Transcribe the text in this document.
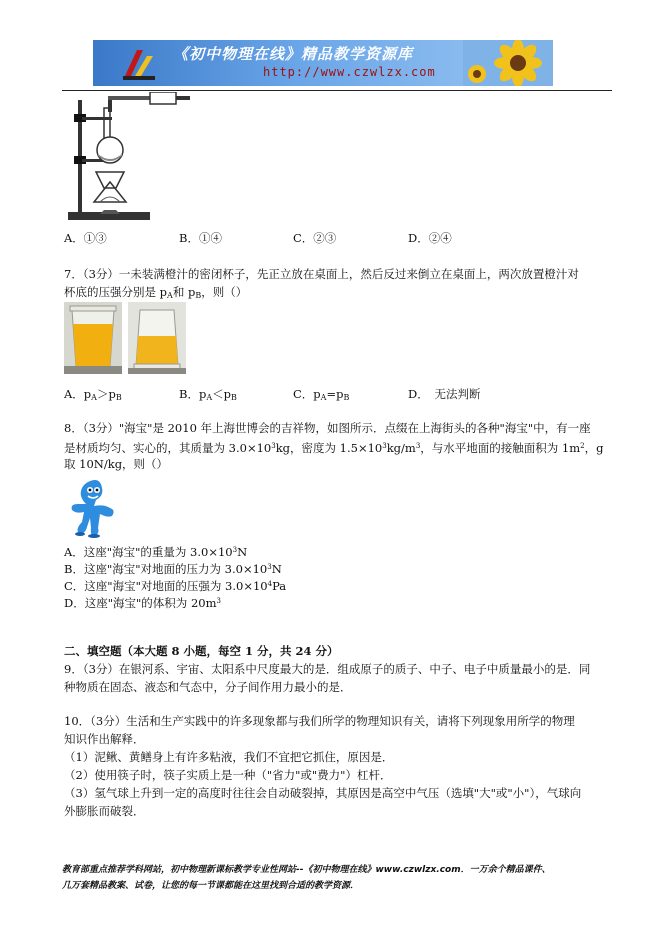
《初中物理在线》精品教学资源库
http://www.czwlzx.com
A．①③	B．①④	C．②③	D．②④
7．（3分）一未装满橙汁的密闭杯子，先正立放在桌面上，然后反过来倒立在桌面上，两次放置橙汁对
杯底的压强分别是 $p_A$和 $p_B$，则（）
A．$p_A>p_B$	B．$p_A<p_B$	C．$p_A=p_B$	D．　无法判断
8．（3分）"海宝"是 2010 年上海世博会的吉祥物，如图所示．点缀在上海街头的各种"海宝"中，有一座
是材质均匀、实心的，其质量为 $3.0\times 10^3kg$，密度为 $1.5\times 10^3kg/m^3$，与水平地面的接触面积为 $1m^2$，g
取 10N/kg，则（）
A．这座"海宝"的重量为 $3.0\times 10^3N$
B．这座"海宝"对地面的压力为 $3.0\times 10^3N$
C．这座"海宝"对地面的压强为 $3.0\times 10^4Pa$
D．这座"海宝"的体积为 $20m^3$
二、填空题（本大题 8 小题，每空 1 分，共 24 分）
9．（3分）在银河系、宇宙、太阳系中尺度最大的是．组成原子的质子、中子、电子中质量最小的是．同
种物质在固态、液态和气态中，分子间作用力最小的是．
10．（3分）生活和生产实践中的许多现象都与我们所学的物理知识有关，请将下列现象用所学的物理
知识作出解释．
（1）泥鳅、黄鳝身上有许多粘液，我们不宜把它抓住，原因是．
（2）使用筷子时，筷子实质上是一种（"省力"或"费力"）杠杆．
（3）氢气球上升到一定的高度时往往会自动破裂掉，其原因是高空中气压（选填"大"或"小"），气球向
外膨胀而破裂．
教育部重点推荐学科网站，初中物理新课标教学专业性网站--《初中物理在线》www.czwlzx.com．一万余个精品课件、
几万套精品教案、试卷，让您的每一节课都能在这里找到合适的教学资源．
